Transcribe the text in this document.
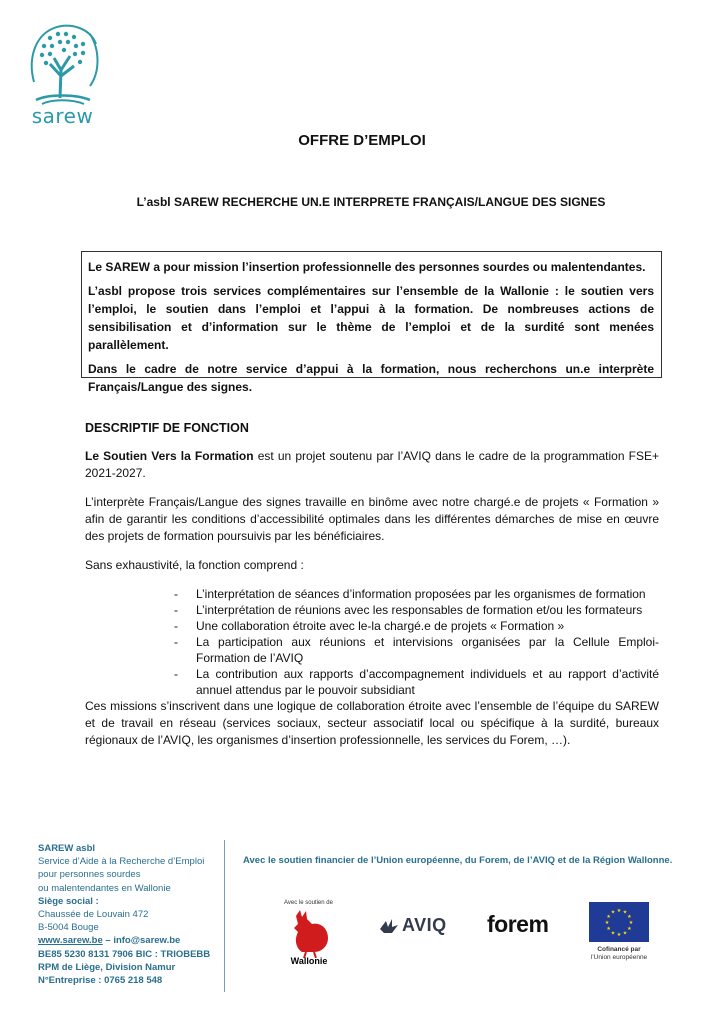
sarew
OFFRE D’EMPLOI
L’asbl SAREW RECHERCHE UN.E INTERPRETE FRANÇAIS/LANGUE DES SIGNES

Le SAREW a pour mission l’insertion professionnelle des personnes sourdes ou malentendantes.

L’asbl propose trois services complémentaires sur l’ensemble de la Wallonie : le soutien vers l’emploi, le soutien dans l’emploi et l’appui à la formation. De nombreuses actions de sensibilisation et d’information sur le thème de l’emploi et de la surdité sont menées parallèlement.

Dans le cadre de notre service d’appui à la formation, nous recherchons un.e interprète Français/Langue des signes.

DESCRIPTIF DE FONCTION

Le Soutien Vers la Formation est un projet soutenu par l’AVIQ dans le cadre de la programmation FSE+ 2021-2027.

L’interprète Français/Langue des signes travaille en binôme avec notre chargé.e de projets « Formation » afin de garantir les conditions d’accessibilité optimales dans les différentes démarches de mise en œuvre des projets de formation poursuivis par les bénéficiaires.

Sans exhaustivité, la fonction comprend :

- L’interprétation de séances d’information proposées par les organismes de formation
- L’interprétation de réunions avec les responsables de formation et/ou les formateurs
- Une collaboration étroite avec le-la chargé.e de projets « Formation »
- La participation aux réunions et intervisions organisées par la Cellule Emploi-Formation de l’AVIQ
- La contribution aux rapports d’accompagnement individuels et au rapport d’activité annuel attendus par le pouvoir subsidiant

Ces missions s’inscrivent dans une logique de collaboration étroite avec l’ensemble de l’équipe du SAREW et de travail en réseau (services sociaux, secteur associatif local ou spécifique à la surdité, bureaux régionaux de l’AVIQ, les organismes d’insertion professionnelle, les services du Forem, …).

SAREW asbl
Service d’Aide à la Recherche d’Emploi
pour personnes sourdes
ou malentendantes en Wallonie
Siège social :
Chaussée de Louvain 472
B-5004 Bouge
www.sarew.be – info@sarew.be
BE85 5230 8131 7906 BIC : TRIOBEBB
RPM de Liège, Division Namur
N°Entreprise : 0765 218 548
Avec le soutien financier de l’Union européenne, du Forem, de l’AVIQ et de la Région Wallonne.
Avec le soutien de
Wallonie
AVIQ forem	★ ★
★
★
★
★
★
★
★
★
★
★
Cofinancé par
l’Union européenne
